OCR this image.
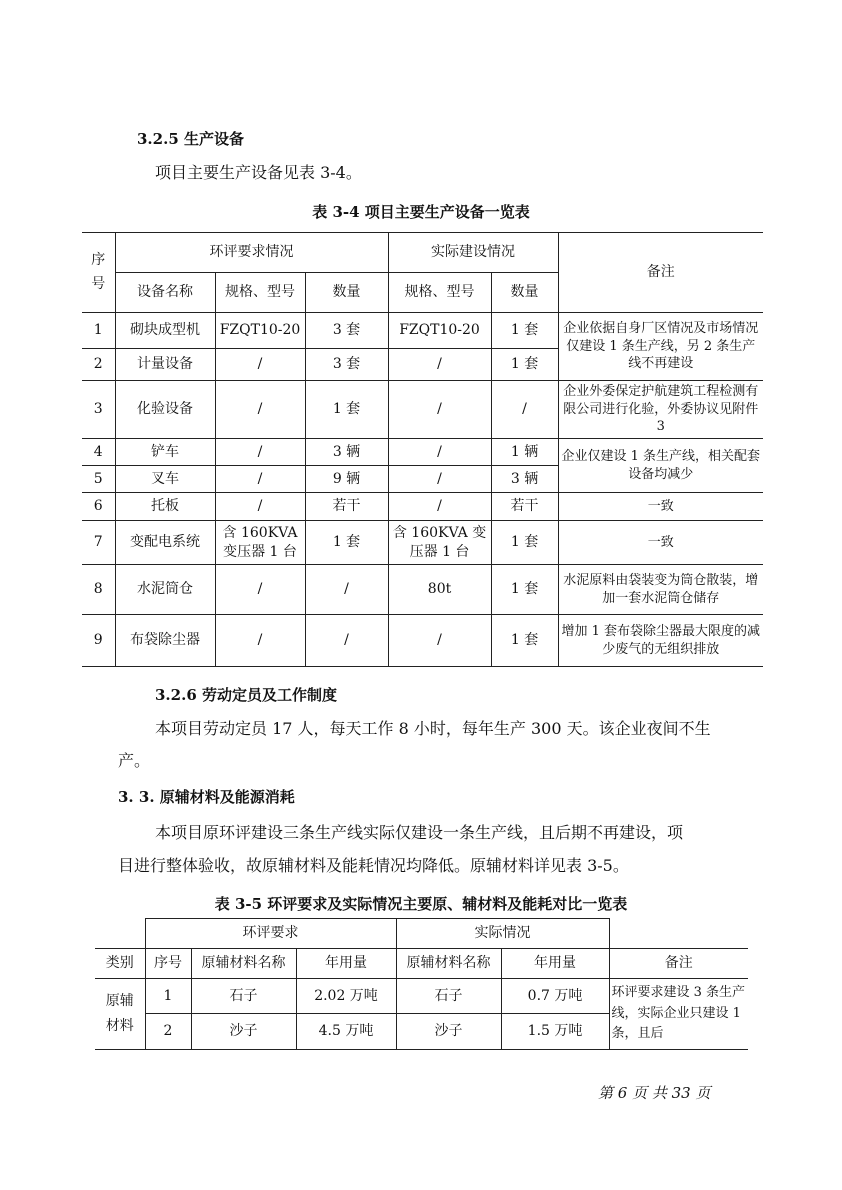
3.2.5 生产设备
项目主要生产设备见表 3-4。
表 3-4 项目主要生产设备一览表
序号	环评要求情况			实际建设情况		备注
	设备名称	规格、型号	数量	规格、型号	数量	
1	砌块成型机	FZQT10-20	3 套	FZQT10-20	1 套	企业依据自身厂区情况及市场情况仅建设 1 条生产线，另 2 条生产线不再建设
2	计量设备	/	3 套	/	1 套	
3	化验设备	/	1 套	/	/	企业外委保定护航建筑工程检测有限公司进行化验，外委协议见附件3
4	铲车	/	3 辆	/	1 辆	企业仅建设 1 条生产线，相关配套设备均减少
5	叉车	/	9 辆	/	3 辆	
6	托板	/	若干	/	若干	一致
7	变配电系统	含 160KVA 变压器 1 台	1 套	含 160KVA 变压器 1 台	1 套	一致
8	水泥筒仓	/	/	80t	1 套	水泥原料由袋装变为筒仓散装，增加一套水泥筒仓储存
9	布袋除尘器	/	/	/	1 套	增加 1 套布袋除尘器最大限度的减少废气的无组织排放
3.2.6 劳动定员及工作制度
本项目劳动定员 17 人，每天工作 8 小时，每年生产 300 天。该企业夜间不生
产。
3. 3. 原辅材料及能源消耗
本项目原环评建设三条生产线实际仅建设一条生产线，且后期不再建设，项
目进行整体验收，故原辅材料及能耗情况均降低。原辅材料详见表 3-5。
表 3-5 环评要求及实际情况主要原、辅材料及能耗对比一览表
	环评要求			实际情况		
类别	序号	原辅材料名称	年用量	原辅材料名称	年用量	备注
原辅材料	1	石子	2.02 万吨	石子	0.7 万吨	环评要求建设 3 条生产线，实际企业只建设 1 条，且后
	2	沙子	4.5 万吨	沙子	1.5 万吨	
第 6 页 共 33 页
